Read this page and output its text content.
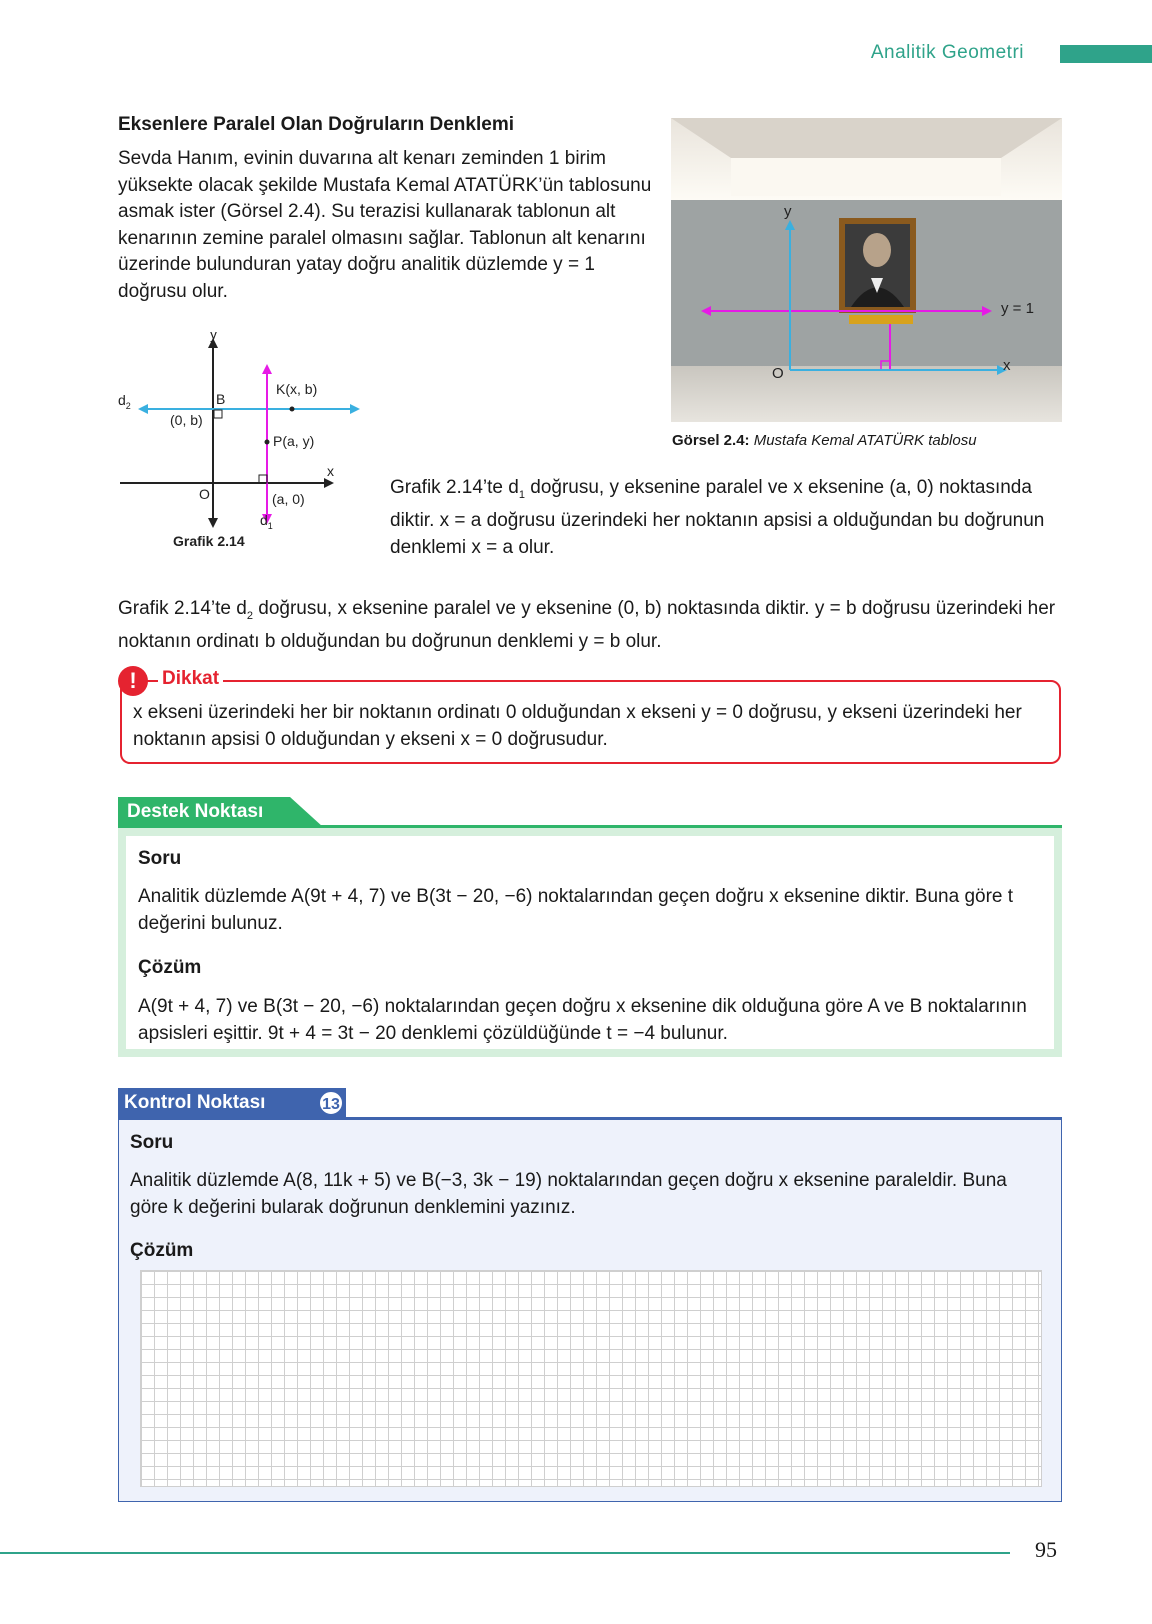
Analitik Geometri
Eksenlere Paralel Olan Doğruların Denklemi
Sevda Hanım, evinin duvarına alt kenarı zeminden 1 birim yüksekte olacak şekilde Mustafa Kemal ATATÜRK’ün tablosunu asmak ister (Görsel 2.4). Su terazisi kullanarak tablonun alt kenarının zemine paralel olmasını sağlar. Tablonun alt kenarını üzerinde bulunduran yatay doğru analitik düzlemde y = 1 doğrusu olur.
y
x
O
y = 1
Görsel 2.4: Mustafa Kemal ATATÜRK tablosu
y
x
O
B
(0, b)
K(x, b)
P(a, y)
(a, 0)
$d_2$
$d_1$
Grafik 2.14
Grafik 2.14’te $d_1$ doğrusu, y eksenine paralel ve x eksenine (a, 0) noktasında diktir. x = a doğrusu üzerindeki her noktanın apsisi a olduğundan bu doğrunun denklemi x = a olur.
Grafik 2.14’te $d_2$ doğrusu, x eksenine paralel ve y eksenine (0, b) noktasında diktir. y = b doğrusu üzerindeki her noktanın ordinatı b olduğundan bu doğrunun denklemi y = b olur.
!	Dikkat
x ekseni üzerindeki her bir noktanın ordinatı 0 olduğundan x ekseni y = 0 doğrusu, y ekseni üzerindeki her noktanın apsisi 0 olduğundan y ekseni x = 0 doğrusudur.
Destek Noktası
Soru
Analitik düzlemde A(9t + 4, 7) ve B(3t − 20, −6) noktalarından geçen doğru x eksenine diktir. Buna göre t değerini bulunuz.
Çözüm
A(9t + 4, 7) ve B(3t − 20, −6) noktalarından geçen doğru x eksenine dik olduğuna göre A ve B noktalarının apsisleri eşittir. 9t + 4 = 3t − 20 denklemi çözüldüğünde t = −4 bulunur.
Kontrol Noktası	13
Soru
Analitik düzlemde A(8, 11k + 5) ve B(−3, 3k − 19) noktalarından geçen doğru x eksenine paraleldir. Buna göre k değerini bularak doğrunun denklemini yazınız.
Çözüm
95
